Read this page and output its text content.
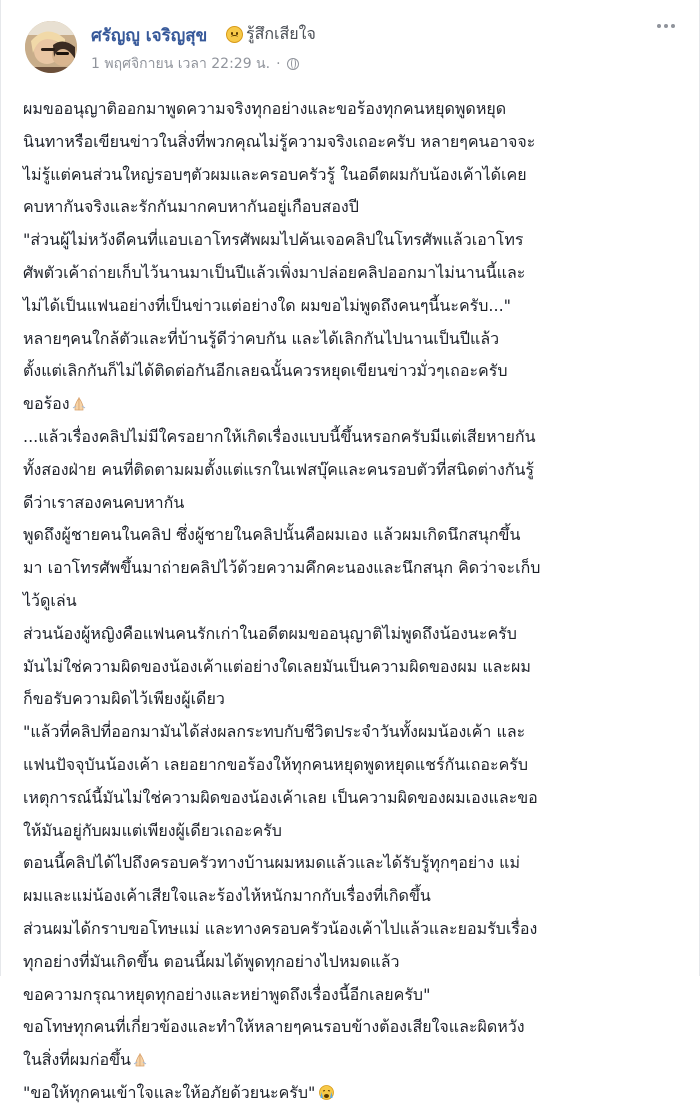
ศรัญญู เจริญสุข รู้สึกเสียใจ
1 พฤศจิกายน เวลา 22:29 น. ·
ผมขออนุญาติออกมาพูดความจริงทุกอย่างและขอร้องทุกคนหยุดพูดหยุด
นินทาหรือเขียนข่าวในสิ่งที่พวกคุณไม่รู้ความจริงเถอะครับ หลายๆคนอาจจะ
ไม่รู้แต่คนส่วนใหญ่รอบๆตัวผมและครอบครัวรู้ ในอดีตผมกับน้องเค้าได้เคย
คบหากันจริงและรักกันมากคบหากันอยู่เกือบสองปี
"ส่วนผู้ไม่หวังดีคนที่แอบเอาโทรศัพผมไปค้นเจอคลิปในโทรศัพแล้วเอาโทร
ศัพตัวเค้าถ่ายเก็บไว้นานมาเป็นปีแล้วเพิ่งมาปล่อยคลิปออกมาไม่นานนี้และ
ไม่ได้เป็นแฟนอย่างที่เป็นข่าวแต่อย่างใด ผมขอไม่พูดถึงคนๆนี้นะครับ..."
หลายๆคนใกล้ตัวและที่บ้านรู้ดีว่าคบกัน และได้เลิกกันไปนานเป็นปีแล้ว
ตั้งแต่เลิกกันก็ไม่ได้ติดต่อกันอีกเลยฉนั้นควรหยุดเขียนข่าวมั่วๆเถอะครับ
ขอร้อง
...แล้วเรื่องคลิปไม่มีใครอยากให้เกิดเรื่องแบบนี้ขึ้นหรอกครับมีแต่เสียหายกัน
ทั้งสองฝ่าย คนที่ติดตามผมตั้งแต่แรกในเฟสบุ๊คและคนรอบตัวที่สนิดต่างกันรู้
ดีว่าเราสองคนคบหากัน
พูดถึงผู้ชายคนในคลิป ซึ่งผู้ชายในคลิปนั้นคือผมเอง แล้วผมเกิดนึกสนุกขึ้น
มา เอาโทรศัพขึ้นมาถ่ายคลิปไว้ด้วยความคึกคะนองและนึกสนุก คิดว่าจะเก็บ
ไว้ดูเล่น
ส่วนน้องผู้หญิงคือแฟนคนรักเก่าในอดีตผมขออนุญาติไม่พูดถึงน้องนะครับ
มันไม่ใช่ความผิดของน้องเค้าแต่อย่างใดเลยมันเป็นความผิดของผม และผม
ก็ขอรับความผิดไว้เพียงผู้เดียว
"แล้วที่คลิปที่ออกมามันได้ส่งผลกระทบกับชีวิตประจำวันทั้งผมน้องเค้า และ
แฟนปัจจุบันน้องเค้า เลยอยากขอร้องให้ทุกคนหยุดพูดหยุดแชร์กันเถอะครับ
เหตุการณ์นี้มันไม่ใช่ความผิดของน้องเค้าเลย เป็นความผิดของผมเองและขอ
ให้มันอยู่กับผมแต่เพียงผู้เดียวเถอะครับ
ตอนนี้คลิปได้ไปถึงครอบครัวทางบ้านผมหมดแล้วและได้รับรู้ทุกๆอย่าง แม่
ผมและแม่น้องเค้าเสียใจและร้องไห้หนักมากกับเรื่องที่เกิดขึ้น
ส่วนผมได้กราบขอโทษแม่ และทางครอบครัวน้องเค้าไปแล้วและยอมรับเรื่อง
ทุกอย่างที่มันเกิดขึ้น ตอนนี้ผมได้พูดทุกอย่างไปหมดแล้ว
ขอความกรุณาหยุดทุกอย่างและหย่าพูดถึงเรื่องนี้อีกเลยครับ"
ขอโทษทุกคนที่เกี่ยวข้องและทำให้หลายๆคนรอบข้างต้องเสียใจและผิดหวัง
ในสิ่งที่ผมก่อขึ้น
"ขอให้ทุกคนเข้าใจและให้อภัยด้วยนะครับ"
